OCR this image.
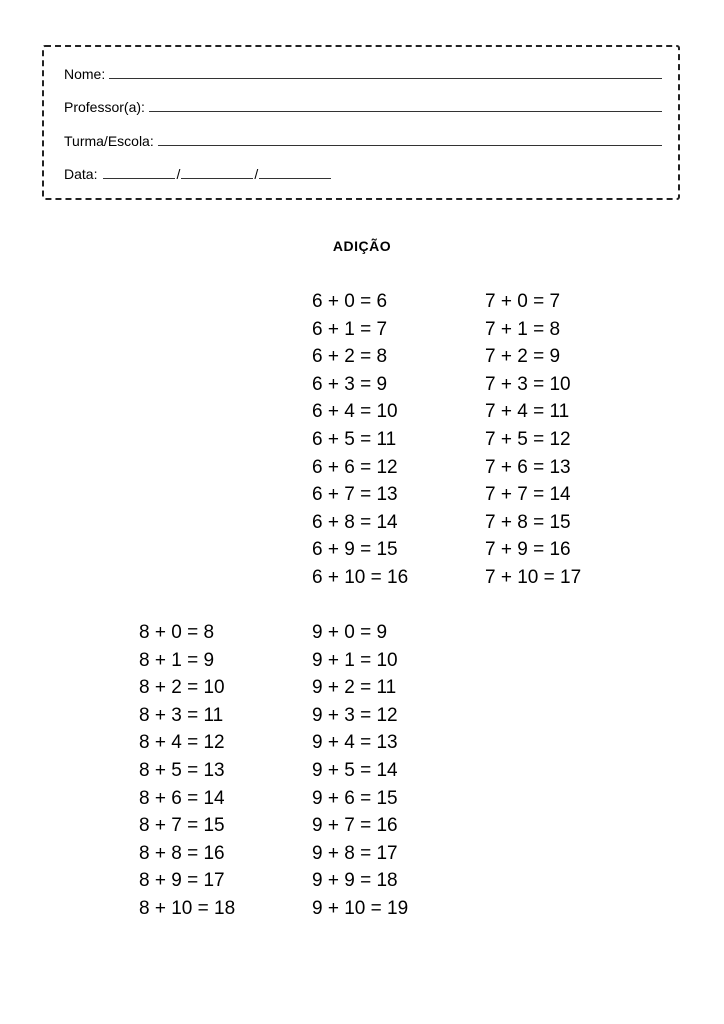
Nome:
Professor(a):
Turma/Escola:
Data:	/	/
ADIÇÃO
6 + 0 = 6
6 + 1 = 7
6 + 2 = 8
6 + 3 = 9
6 + 4 = 10
6 + 5 = 11
6 + 6 = 12
6 + 7 = 13
6 + 8 = 14
6 + 9 = 15
6 + 10 = 16
7 + 0 = 7
7 + 1 = 8
7 + 2 = 9
7 + 3 = 10
7 + 4 = 11
7 + 5 = 12
7 + 6 = 13
7 + 7 = 14
7 + 8 = 15
7 + 9 = 16
7 + 10 = 17
8 + 0 = 8
8 + 1 = 9
8 + 2 = 10
8 + 3 = 11
8 + 4 = 12
8 + 5 = 13
8 + 6 = 14
8 + 7 = 15
8 + 8 = 16
8 + 9 = 17
8 + 10 = 18
9 + 0 = 9
9 + 1 = 10
9 + 2 = 11
9 + 3 = 12
9 + 4 = 13
9 + 5 = 14
9 + 6 = 15
9 + 7 = 16
9 + 8 = 17
9 + 9 = 18
9 + 10 = 19
